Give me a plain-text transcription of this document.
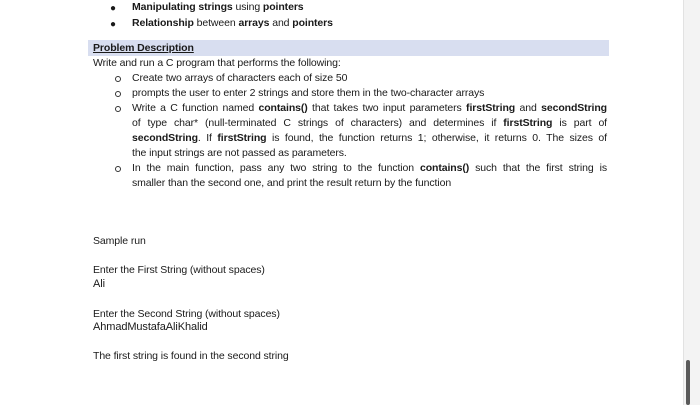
● Manipulating strings using pointers
● Relationship between arrays and pointers
Problem Description
Write and run a C program that performs the following:
Create two arrays of characters each of size 50
prompts the user to enter 2 strings and store them in the two-character arrays
Write a C function named contains() that takes two input parameters firstString and secondString
of type char* (null-terminated C strings of characters) and determines if firstString is part of
secondString. If firstString is found, the function returns 1; otherwise, it returns 0. The sizes of
the input strings are not passed as parameters.
In the main function, pass any two string to the function contains() such that the first string is
smaller than the second one, and print the result return by the function
Sample run
Enter the First String (without spaces)
Ali
Enter the Second String (without spaces)
AhmadMustafaAliKhalid
The first string is found in the second string
